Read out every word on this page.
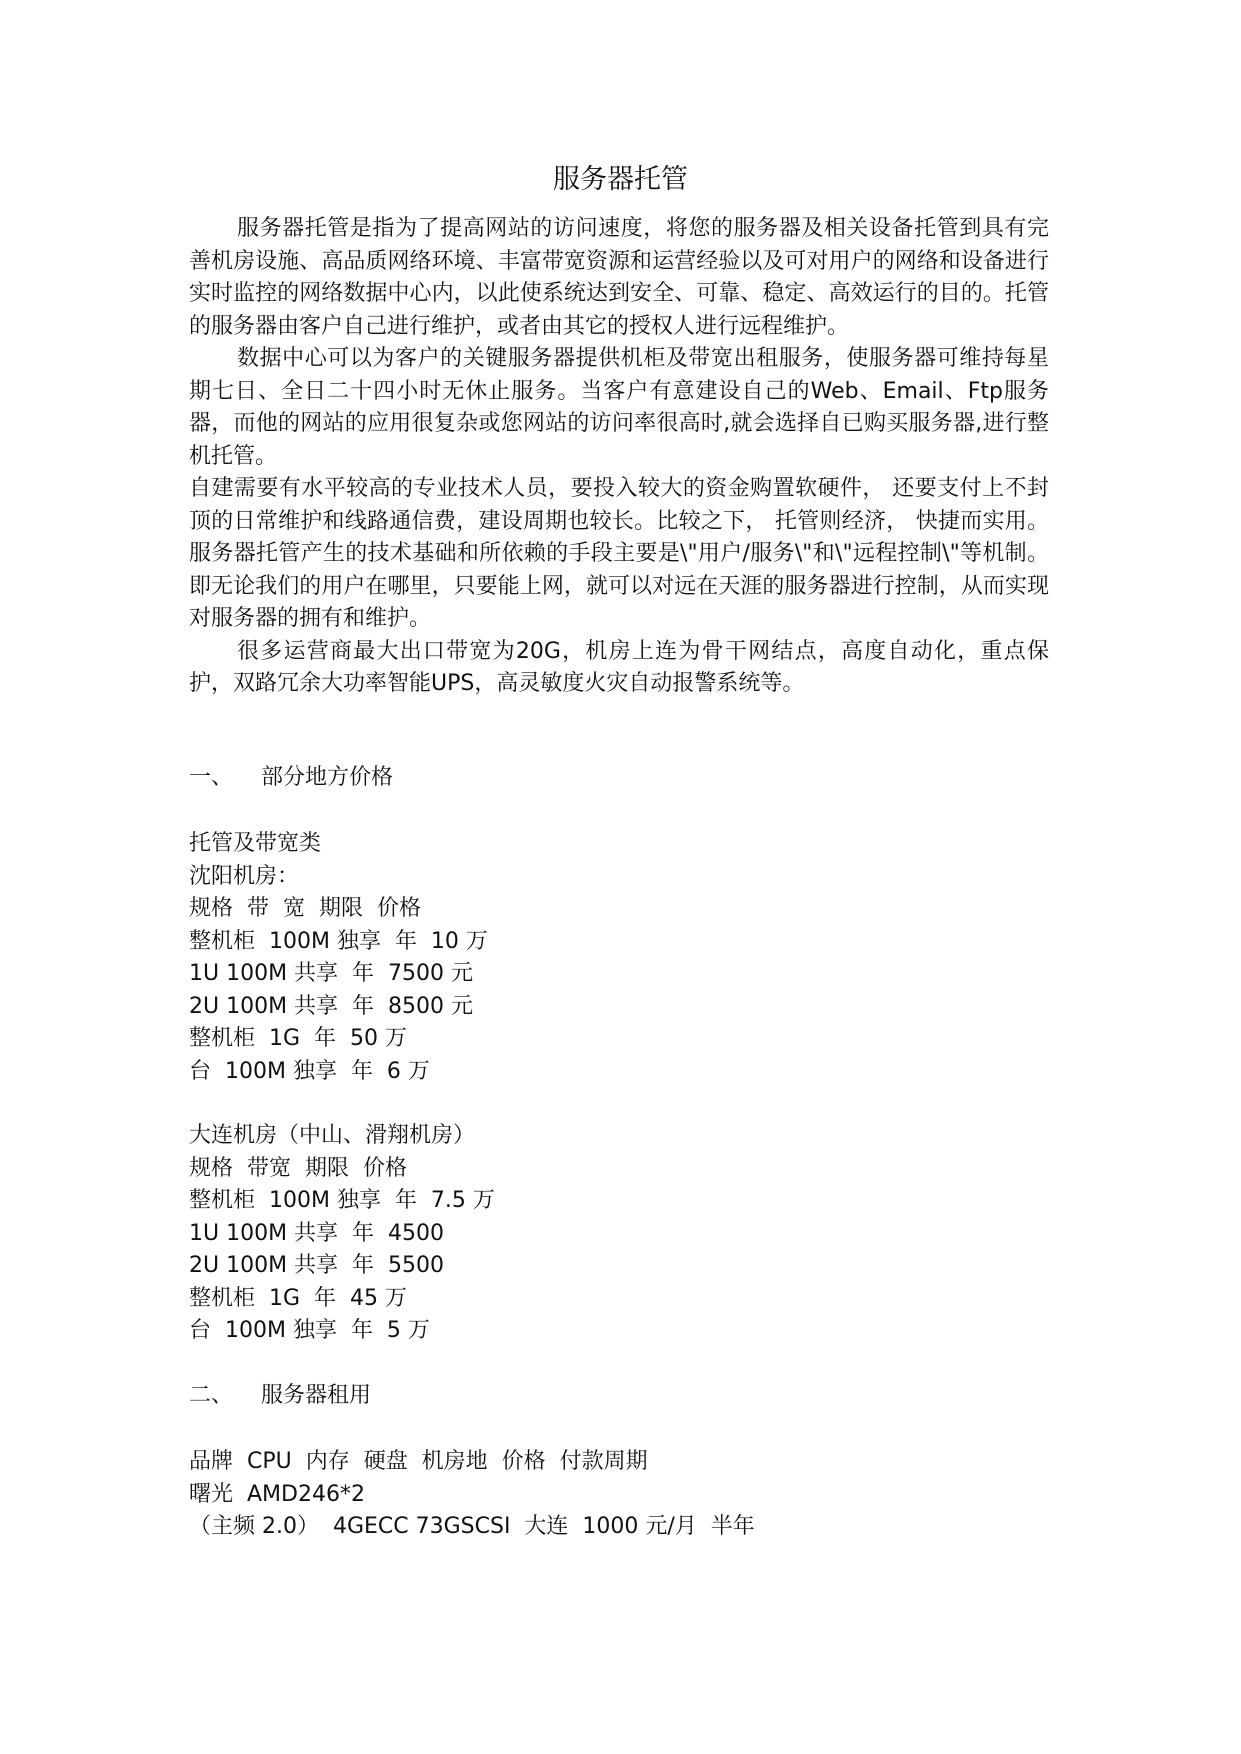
服务器托管

服务器托管是指为了提高网站的访问速度，将您的服务器及相关设备托管到具有完善机房设施、高品质网络环境、丰富带宽资源和运营经验以及可对用户的网络和设备进行实时监控的网络数据中心内，以此使系统达到安全、可靠、稳定、高效运行的目的。托管的服务器由客户自己进行维护，或者由其它的授权人进行远程维护。

数据中心可以为客户的关键服务器提供机柜及带宽出租服务，使服务器可维持每星期七日、全日二十四小时无休止服务。当客户有意建设自己的Web、Email、Ftp服务器，而他的网站的应用很复杂或您网站的访问率很高时,就会选择自已购买服务器,进行整机托管。

自建需要有水平较高的专业技术人员，要投入较大的资金购置软硬件， 还要支付上不封顶的日常维护和线路通信费，建设周期也较长。比较之下， 托管则经济， 快捷而实用。服务器托管产生的技术基础和所依赖的手段主要是\"用户/服务\"和\"远程控制\"等机制。即无论我们的用户在哪里，只要能上网，就可以对远在天涯的服务器进行控制，从而实现对服务器的拥有和维护。

很多运营商最大出口带宽为20G，机房上连为骨干网结点，高度自动化，重点保护，双路冗余大功率智能UPS，高灵敏度火灾自动报警系统等。

一、    部分地方价格
托管及带宽类
沈阳机房：
规格  带  宽  期限  价格
整机柜  100M 独享  年  10 万
1U 100M 共享  年  7500 元
2U 100M 共享  年  8500 元
整机柜  1G  年  50 万
台  100M 独享  年  6 万
大连机房（中山、滑翔机房）
规格  带宽  期限  价格
整机柜  100M 独享  年  7.5 万
1U 100M 共享  年  4500
2U 100M 共享  年  5500
整机柜  1G  年  45 万
台  100M 独享  年  5 万
二、    服务器租用
品牌  CPU  内存  硬盘  机房地  价格  付款周期
曙光  AMD246*2
（主频 2.0）  4GECC 73GSCSI  大连  1000 元/月  半年
